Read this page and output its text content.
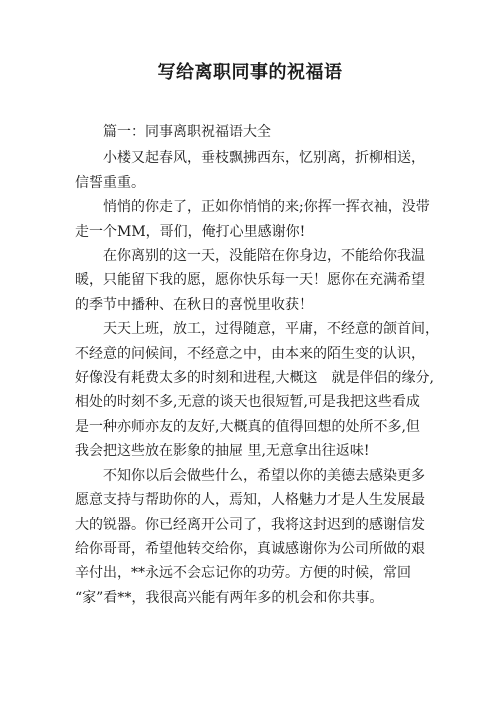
写给离职同事的祝福语
篇一：同事离职祝福语大全
小楼又起春风，垂枝飘拂西东，忆别离，折柳相送，
信誓重重。
悄悄的你走了，正如你悄悄的来;你挥一挥衣袖，没带
走一个MM，哥们，俺打心里感谢你!
在你离别的这一天，没能陪在你身边，不能给你我温
暖，只能留下我的愿，愿你快乐每一天！愿你在充满希望
的季节中播种、在秋日的喜悦里收获！
天天上班，放工，过得随意，平庸，不经意的颌首间，
不经意的问候间，不经意之中，由本来的陌生变的认识，
好像没有耗费太多的时刻和进程,大概这　就是伴侣的缘分,
相处的时刻不多,无意的谈天也很短暂,可是我把这些看成
是一种亦师亦友的友好,大概真的值得回想的处所不多,但
我会把这些放在影象的抽屉 里,无意拿出往返味!
不知你以后会做些什么，希望以你的美德去感染更多
愿意支持与帮助你的人，焉知，人格魅力才是人生发展最
大的锐器。你已经离开公司了，我将这封迟到的感谢信发
给你哥哥，希望他转交给你，真诚感谢你为公司所做的艰
辛付出，**永远不会忘记你的功劳。方便的时候，常回
“家”看**，我很高兴能有两年多的机会和你共事。
